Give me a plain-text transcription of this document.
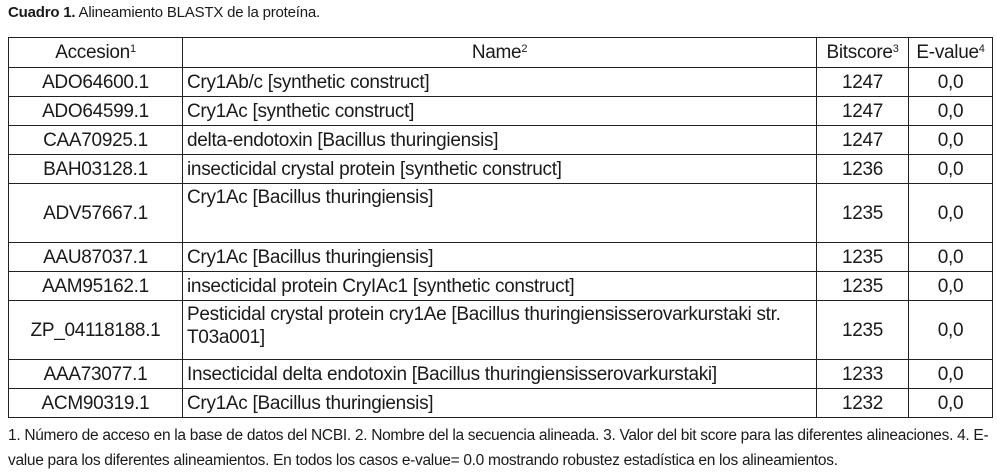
Cuadro 1. Alineamiento BLASTX de la proteína.
Accesion$^1$	Name$^2$	Bitscore$^3$	E-value$^4$
ADO64600.1	Cry1Ab/c [synthetic construct]	1247	0,0
ADO64599.1	Cry1Ac [synthetic construct]	1247	0,0
CAA70925.1	delta-endotoxin [Bacillus thuringiensis]	1247	0,0
BAH03128.1	insecticidal crystal protein [synthetic construct]	1236	0,0
ADV57667.1	Cry1Ac [Bacillus thuringiensis]	1235	0,0
AAU87037.1	Cry1Ac [Bacillus thuringiensis]	1235	0,0
AAM95162.1	insecticidal protein CryIAc1 [synthetic construct]	1235	0,0
ZP_04118188.1	Pesticidal crystal protein cry1Ae [Bacillus thuringiensisserovarkurstaki str. T03a001]	1235	0,0
AAA73077.1	Insecticidal delta endotoxin [Bacillus thuringiensisserovarkurstaki]	1233	0,0
ACM90319.1	Cry1Ac [Bacillus thuringiensis]	1232	0,0
1. Número de acceso en la base de datos del NCBI. 2. Nombre del la secuencia alineada. 3. Valor del bit score para las diferentes alineaciones. 4. E-value para los diferentes alineamientos. En todos los casos e-value= 0.0 mostrando robustez estadística en los alineamientos.
